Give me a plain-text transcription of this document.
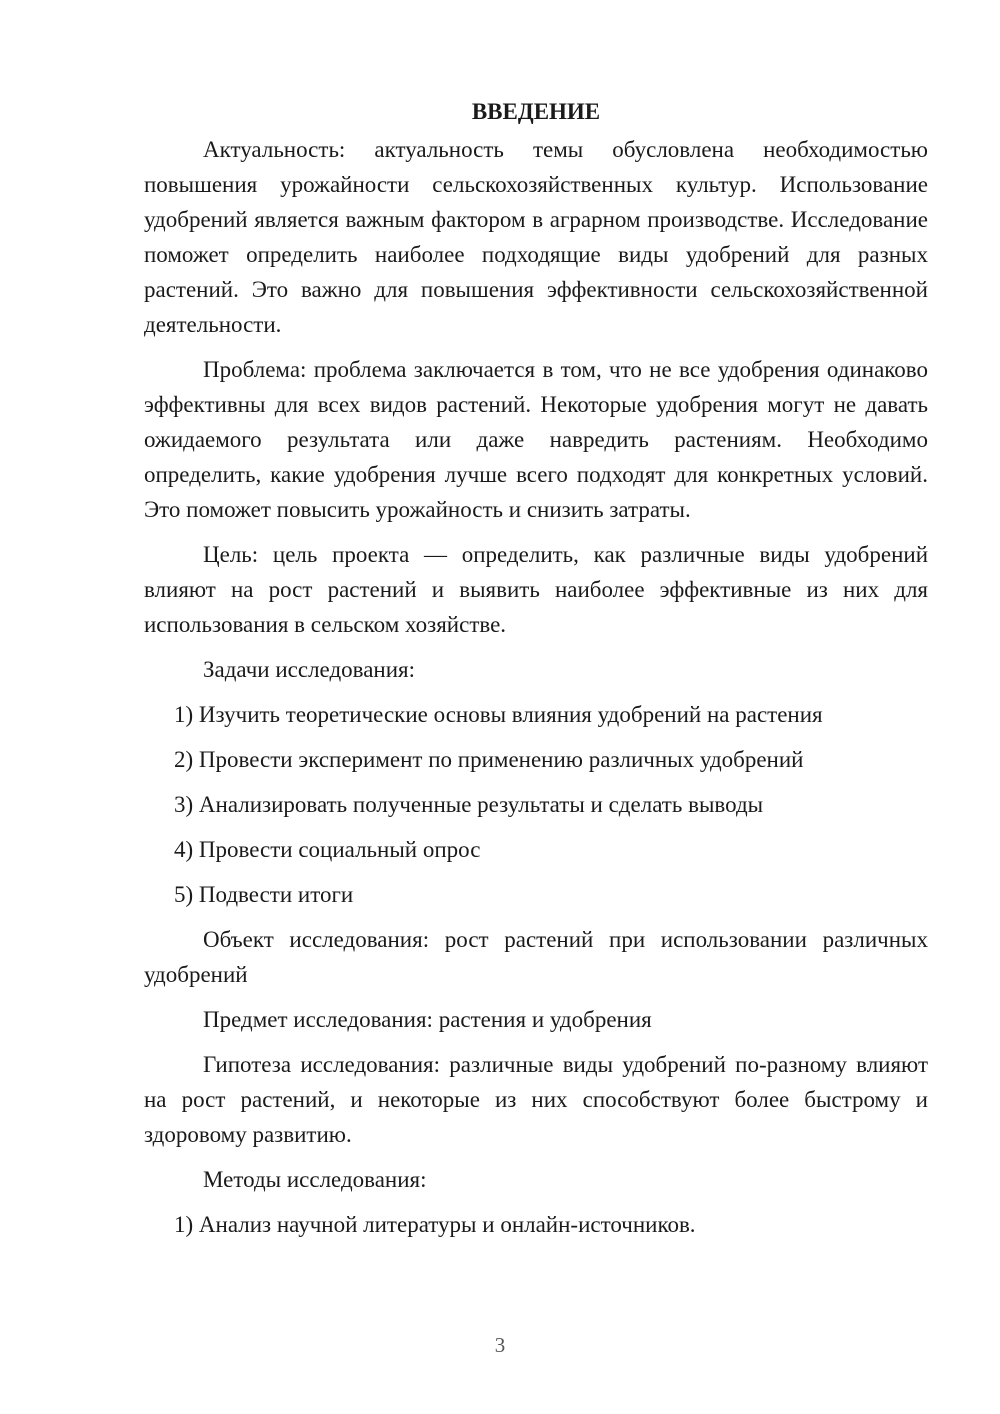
ВВЕДЕНИЕ

Актуальность: актуальность темы обусловлена необходимостью повышения урожайности сельскохозяйственных культур. Использование удобрений является важным фактором в аграрном производстве. Исследование поможет определить наиболее подходящие виды удобрений для разных растений. Это важно для повышения эффективности сельскохозяйственной деятельности.

Проблема: проблема заключается в том, что не все удобрения одинаково эффективны для всех видов растений. Некоторые удобрения могут не давать ожидаемого результата или даже навредить растениям. Необходимо определить, какие удобрения лучше всего подходят для конкретных условий. Это поможет повысить урожайность и снизить затраты.

Цель: цель проекта — определить, как различные виды удобрений влияют на рост растений и выявить наиболее эффективные из них для использования в сельском хозяйстве.

Задачи исследования:

1) Изучить теоретические основы влияния удобрений на растения
2) Провести эксперимент по применению различных удобрений
3) Анализировать полученные результаты и сделать выводы
4) Провести социальный опрос
5) Подвести итоги

Объект исследования: рост растений при использовании различных удобрений

Предмет исследования: растения и удобрения

Гипотеза исследования: различные виды удобрений по-разному влияют на рост растений, и некоторые из них способствуют более быстрому и здоровому развитию.

Методы исследования:

1) Анализ научной литературы и онлайн-источников.
3
